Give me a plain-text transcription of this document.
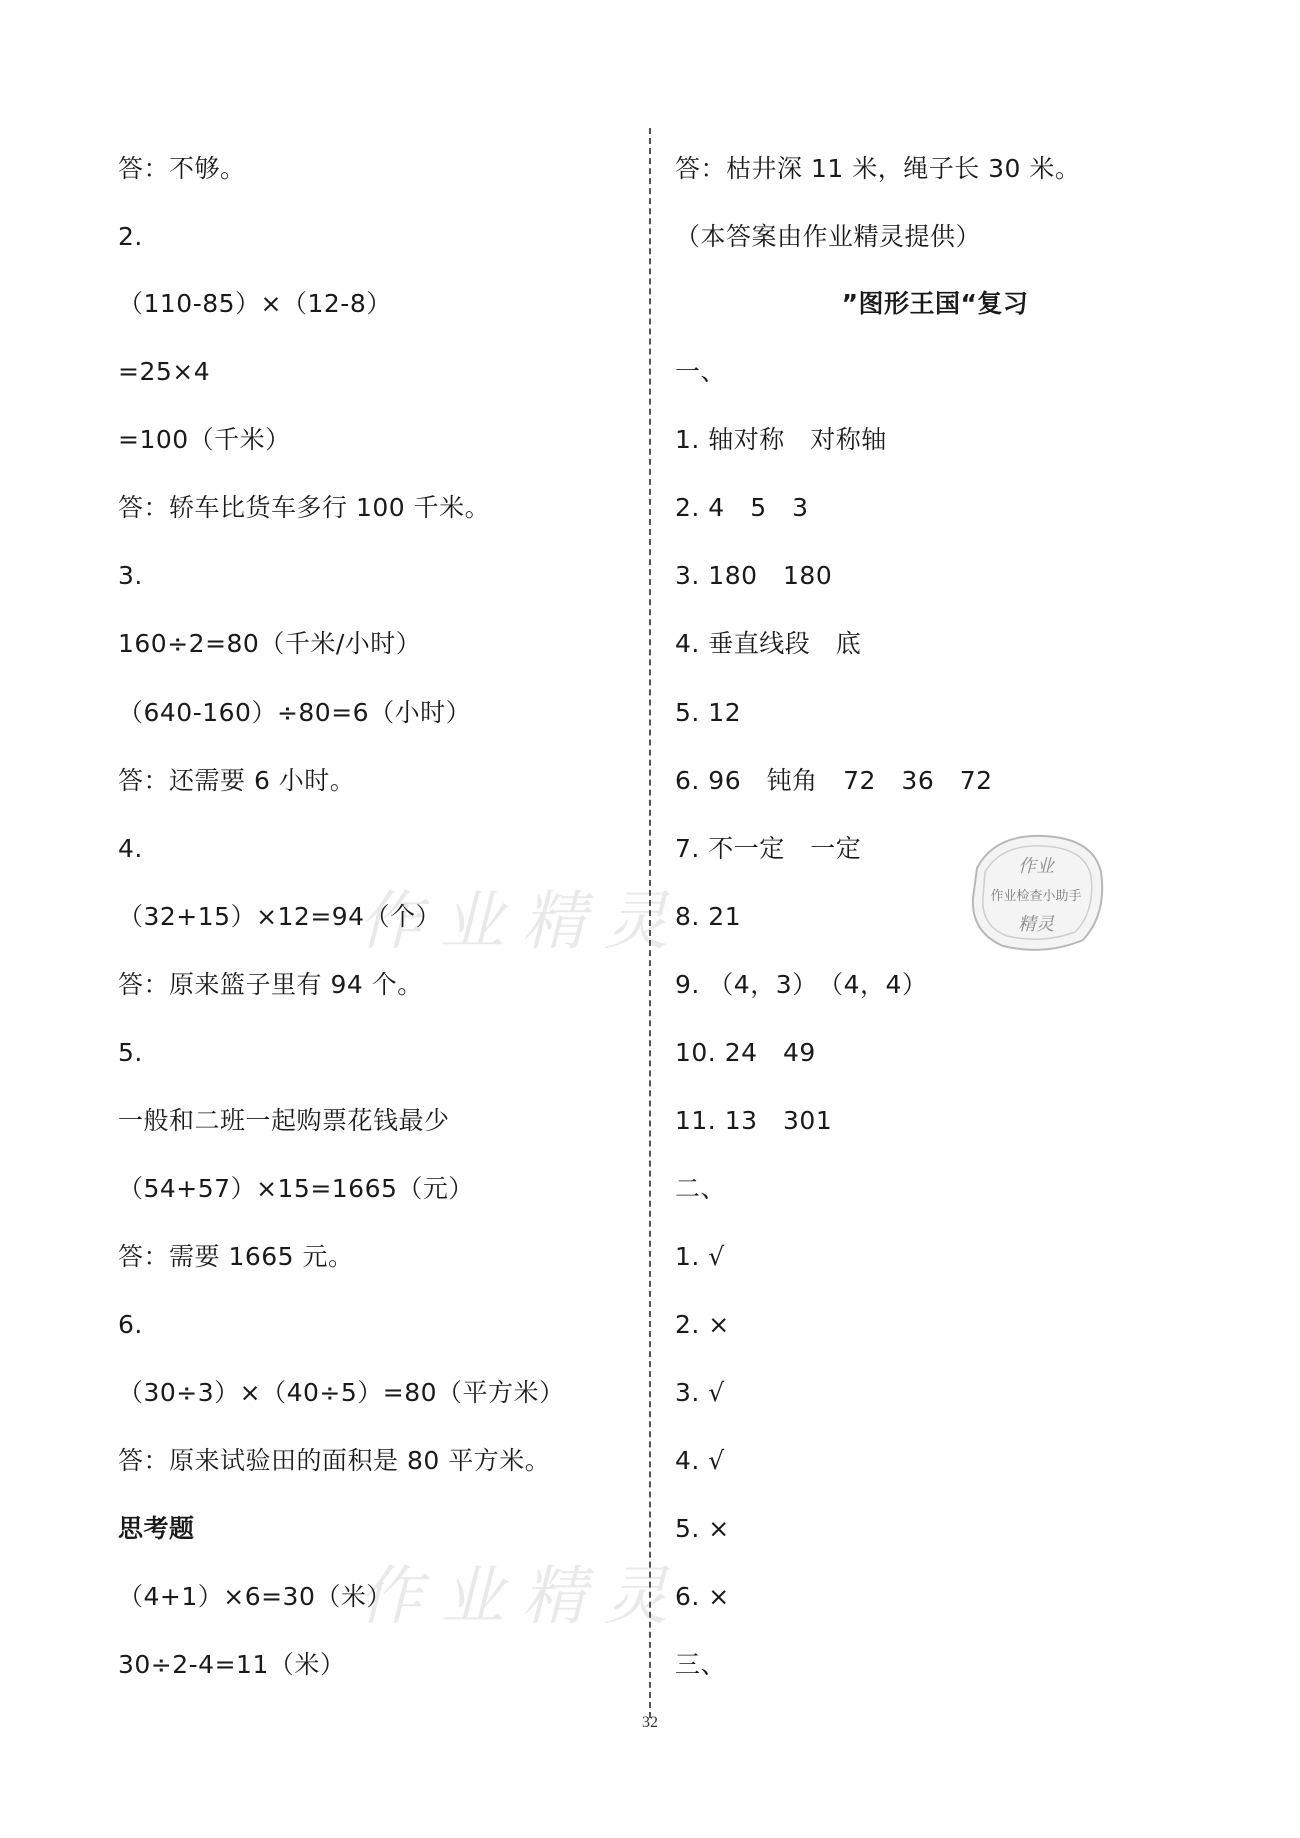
作业精灵
作业精灵
答：不够。
2.
（110-85）×（12-8）
=25×4
=100（千米）
答：轿车比货车多行 100 千米。
3.
160÷2=80（千米/小时）
（640-160）÷80=6（小时）
答：还需要 6 小时。
4.
（32+15）×12=94（个）
答：原来篮子里有 94 个。
5.
一般和二班一起购票花钱最少
（54+57）×15=1665（元）
答：需要 1665 元。
6.
（30÷3）×（40÷5）=80（平方米）
答：原来试验田的面积是 80 平方米。
思考题
（4+1）×6=30（米）
30÷2-4=11（米）
答：枯井深 11 米，绳子长 30 米。
（本答案由作业精灵提供）
”图形王国“复习
一、
1. 轴对称　对称轴
2. 4　5　3
3. 180　180
4. 垂直线段　底
5. 12
6. 96　钝角　72　36　72
7. 不一定　一定
8. 21
9. （4，3）　（4，4）
10. 24　49
11. 13　301
二、
1. √
2. ×
3. √
4. √
5. ×
6. ×
三、
作业
作业检查小助手
精灵
32
